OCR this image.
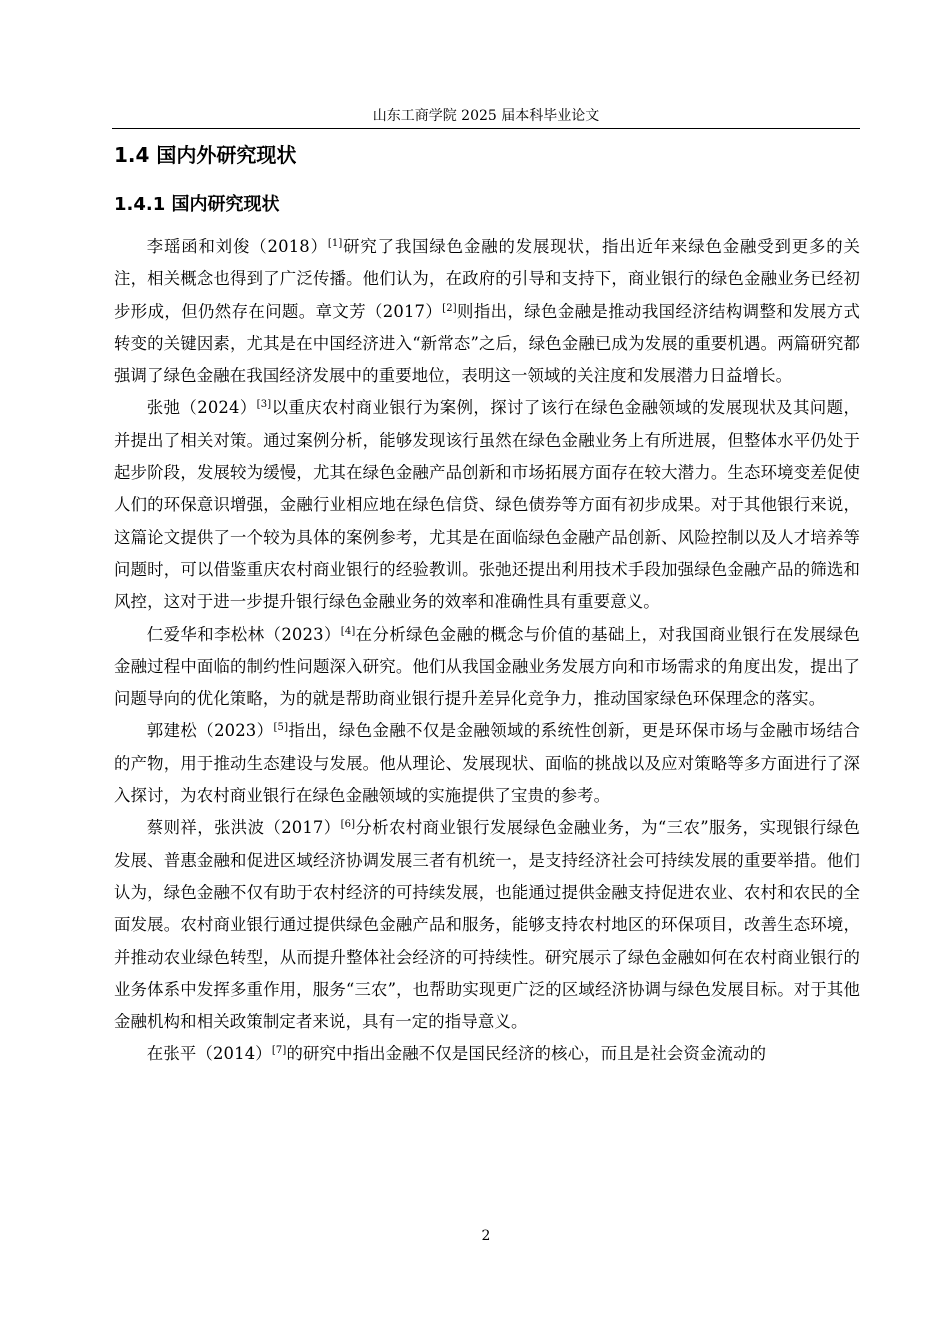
山东工商学院 2025 届本科毕业论文
1.4 国内外研究现状
1.4.1 国内研究现状

李瑶函和刘俊（2018）[1]研究了我国绿色金融的发展现状，指出近年来绿色金融受到更多的关注，相关概念也得到了广泛传播。他们认为，在政府的引导和支持下，商业银行的绿色金融业务已经初步形成，但仍然存在问题。章文芳（2017）[2]则指出，绿色金融是推动我国经济结构调整和发展方式转变的关键因素，尤其是在中国经济进入“新常态”之后，绿色金融已成为发展的重要机遇。两篇研究都强调了绿色金融在我国经济发展中的重要地位，表明这一领域的关注度和发展潜力日益增长。

张弛（2024）[3]以重庆农村商业银行为案例，探讨了该行在绿色金融领域的发展现状及其问题，并提出了相关对策。通过案例分析，能够发现该行虽然在绿色金融业务上有所进展，但整体水平仍处于起步阶段，发展较为缓慢，尤其在绿色金融产品创新和市场拓展方面存在较大潜力。生态环境变差促使人们的环保意识增强，金融行业相应地在绿色信贷、绿色债券等方面有初步成果。对于其他银行来说，这篇论文提供了一个较为具体的案例参考，尤其是在面临绿色金融产品创新、风险控制以及人才培养等问题时，可以借鉴重庆农村商业银行的经验教训。张弛还提出利用技术手段加强绿色金融产品的筛选和风控，这对于进一步提升银行绿色金融业务的效率和准确性具有重要意义。

仁爱华和李松林（2023）[4]在分析绿色金融的概念与价值的基础上，对我国商业银行在发展绿色金融过程中面临的制约性问题深入研究。他们从我国金融业务发展方向和市场需求的角度出发，提出了问题导向的优化策略，为的就是帮助商业银行提升差异化竞争力，推动国家绿色环保理念的落实。

郭建松（2023）[5]指出，绿色金融不仅是金融领域的系统性创新，更是环保市场与金融市场结合的产物，用于推动生态建设与发展。他从理论、发展现状、面临的挑战以及应对策略等多方面进行了深入探讨，为农村商业银行在绿色金融领域的实施提供了宝贵的参考。

蔡则祥，张洪波（2017）[6]分析农村商业银行发展绿色金融业务，为“三农”服务，实现银行绿色发展、普惠金融和促进区域经济协调发展三者有机统一，是支持经济社会可持续发展的重要举措。他们认为，绿色金融不仅有助于农村经济的可持续发展，也能通过提供金融支持促进农业、农村和农民的全面发展。农村商业银行通过提供绿色金融产品和服务，能够支持农村地区的环保项目，改善生态环境，并推动农业绿色转型，从而提升整体社会经济的可持续性。研究展示了绿色金融如何在农村商业银行的业务体系中发挥多重作用，服务“三农”，也帮助实现更广泛的区域经济协调与绿色发展目标。对于其他金融机构和相关政策制定者来说，具有一定的指导意义。

在张平（2014）[7]的研究中指出金融不仅是国民经济的核心，而且是社会资金流动的

2
